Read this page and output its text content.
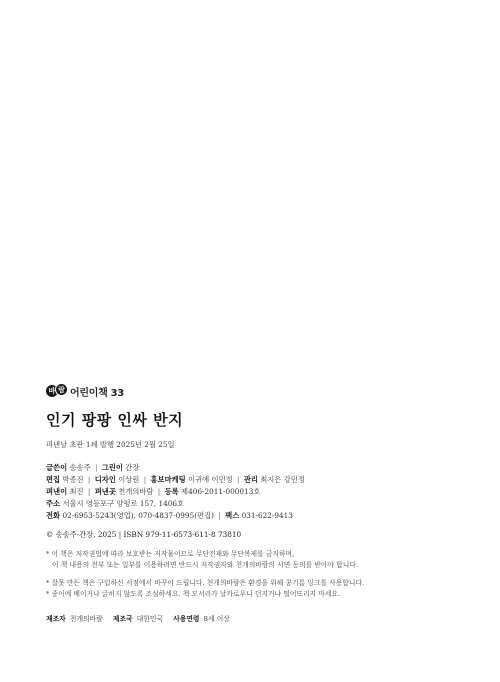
바 람 어린이책 33
인기 팡팡 인싸 반지
펴낸날 초판 1쇄 발행 2025년 2월 25일
글쓴이 송송주 | 그린이 간장
편집 박종진 | 디자인 이상원 | 홍보마케팅 이귀애 이민정 | 관리 최지은 강민정
펴낸이 최진 | 펴낸곳 천개의바람 | 등록 제406-2011-000013호
주소 서울시 영등포구 양평로 157, 1406호
전화 02-6953-5243(영업), 070-4837-0995(편집) | 팩스 031-622-9413
© 송송주·간장, 2025 | ISBN 979-11-6573-611-8 73810
* 이 책은 저작권법에 따라 보호받는 저작물이므로 무단전재와 무단복제를 금지하며,
이 책 내용의 전부 또는 일부를 이용하려면 반드시 저작권자와 천개의바람의 서면 동의를 받아야 합니다.
* 잘못 만든 책은 구입하신 서점에서 바꾸어 드립니다. 천개의바람은 환경을 위해 콩기름 잉크를 사용합니다.
* 종이에 베이거나 긁히지 않도록 조심하세요. 책 모서리가 날카로우니 던지거나 떨어뜨리지 마세요.
제조자 천개의바람 제조국 대한민국 사용연령 8세 이상
